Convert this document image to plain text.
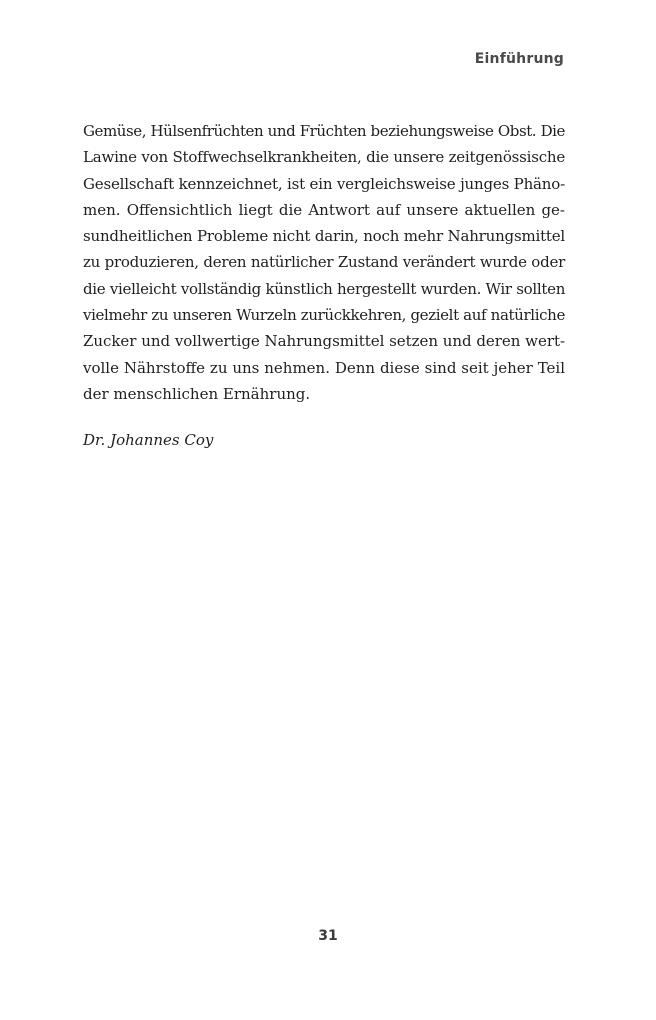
Einführung
Gemüse, Hülsenfrüchten und Früchten beziehungsweise Obst. Die
Lawine von Stoffwechselkrankheiten, die unsere zeitgenössische
Gesellschaft kennzeichnet, ist ein vergleichsweise junges Phäno-
men. Offensichtlich liegt die Antwort auf unsere aktuellen ge-
sundheitlichen Probleme nicht darin, noch mehr Nahrungsmittel
zu produzieren, deren natürlicher Zustand verändert wurde oder
die vielleicht vollständig künstlich hergestellt wurden. Wir sollten
vielmehr zu unseren Wurzeln zurückkehren, gezielt auf natürliche
Zucker und vollwertige Nahrungsmittel setzen und deren wert-
volle Nährstoffe zu uns nehmen. Denn diese sind seit jeher Teil
der menschlichen Ernährung.
Dr. Johannes Coy
31
